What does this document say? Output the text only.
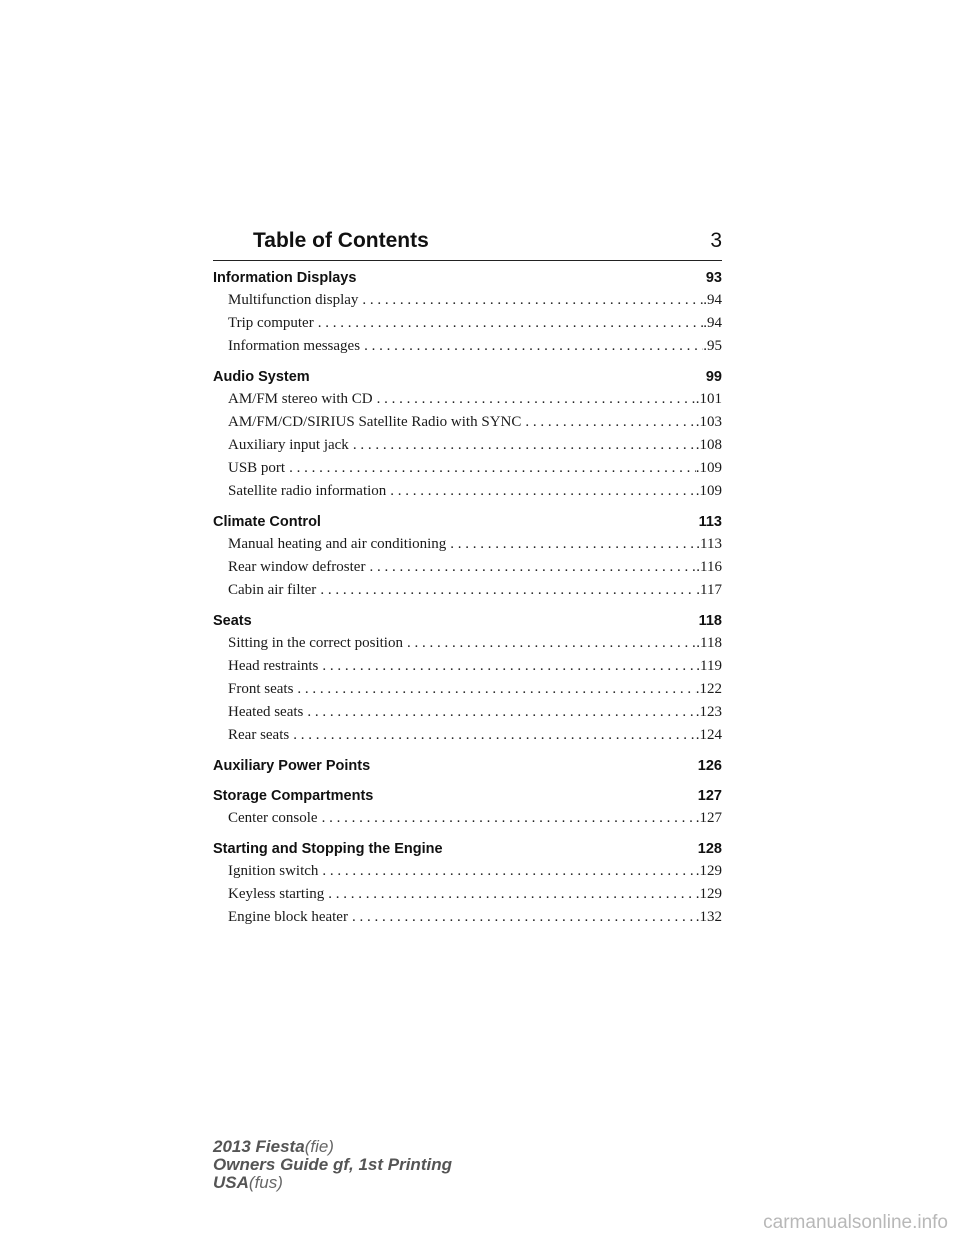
Table of Contents	3
Information Displays	93
Multifunction display . . .	.94
Trip computer . . .	.94
Information messages . . .	.95
Audio System	99
AM/FM stereo with CD . . .	.101
AM/FM/CD/SIRIUS Satellite Radio with SYNC . . .	.103
Auxiliary input jack . . .	.108
USB port . . .	.109
Satellite radio information . . .	.109
Climate Control	113
Manual heating and air conditioning . . .	.113
Rear window defroster . . .	.116
Cabin air filter . . .	.117
Seats	118
Sitting in the correct position . . .	.118
Head restraints . . .	.119
Front seats . . .	.122
Heated seats . . .	.123
Rear seats . . .	.124
Auxiliary Power Points	126
Storage Compartments	127
Center console . . .	.127
Starting and Stopping the Engine	128
Ignition switch . . .	.129
Keyless starting . . .	.129
Engine block heater . . .	.132
2013 Fiesta(fie)
Owners Guide gf, 1st Printing
USA(fus)
carmanualsonline.info
